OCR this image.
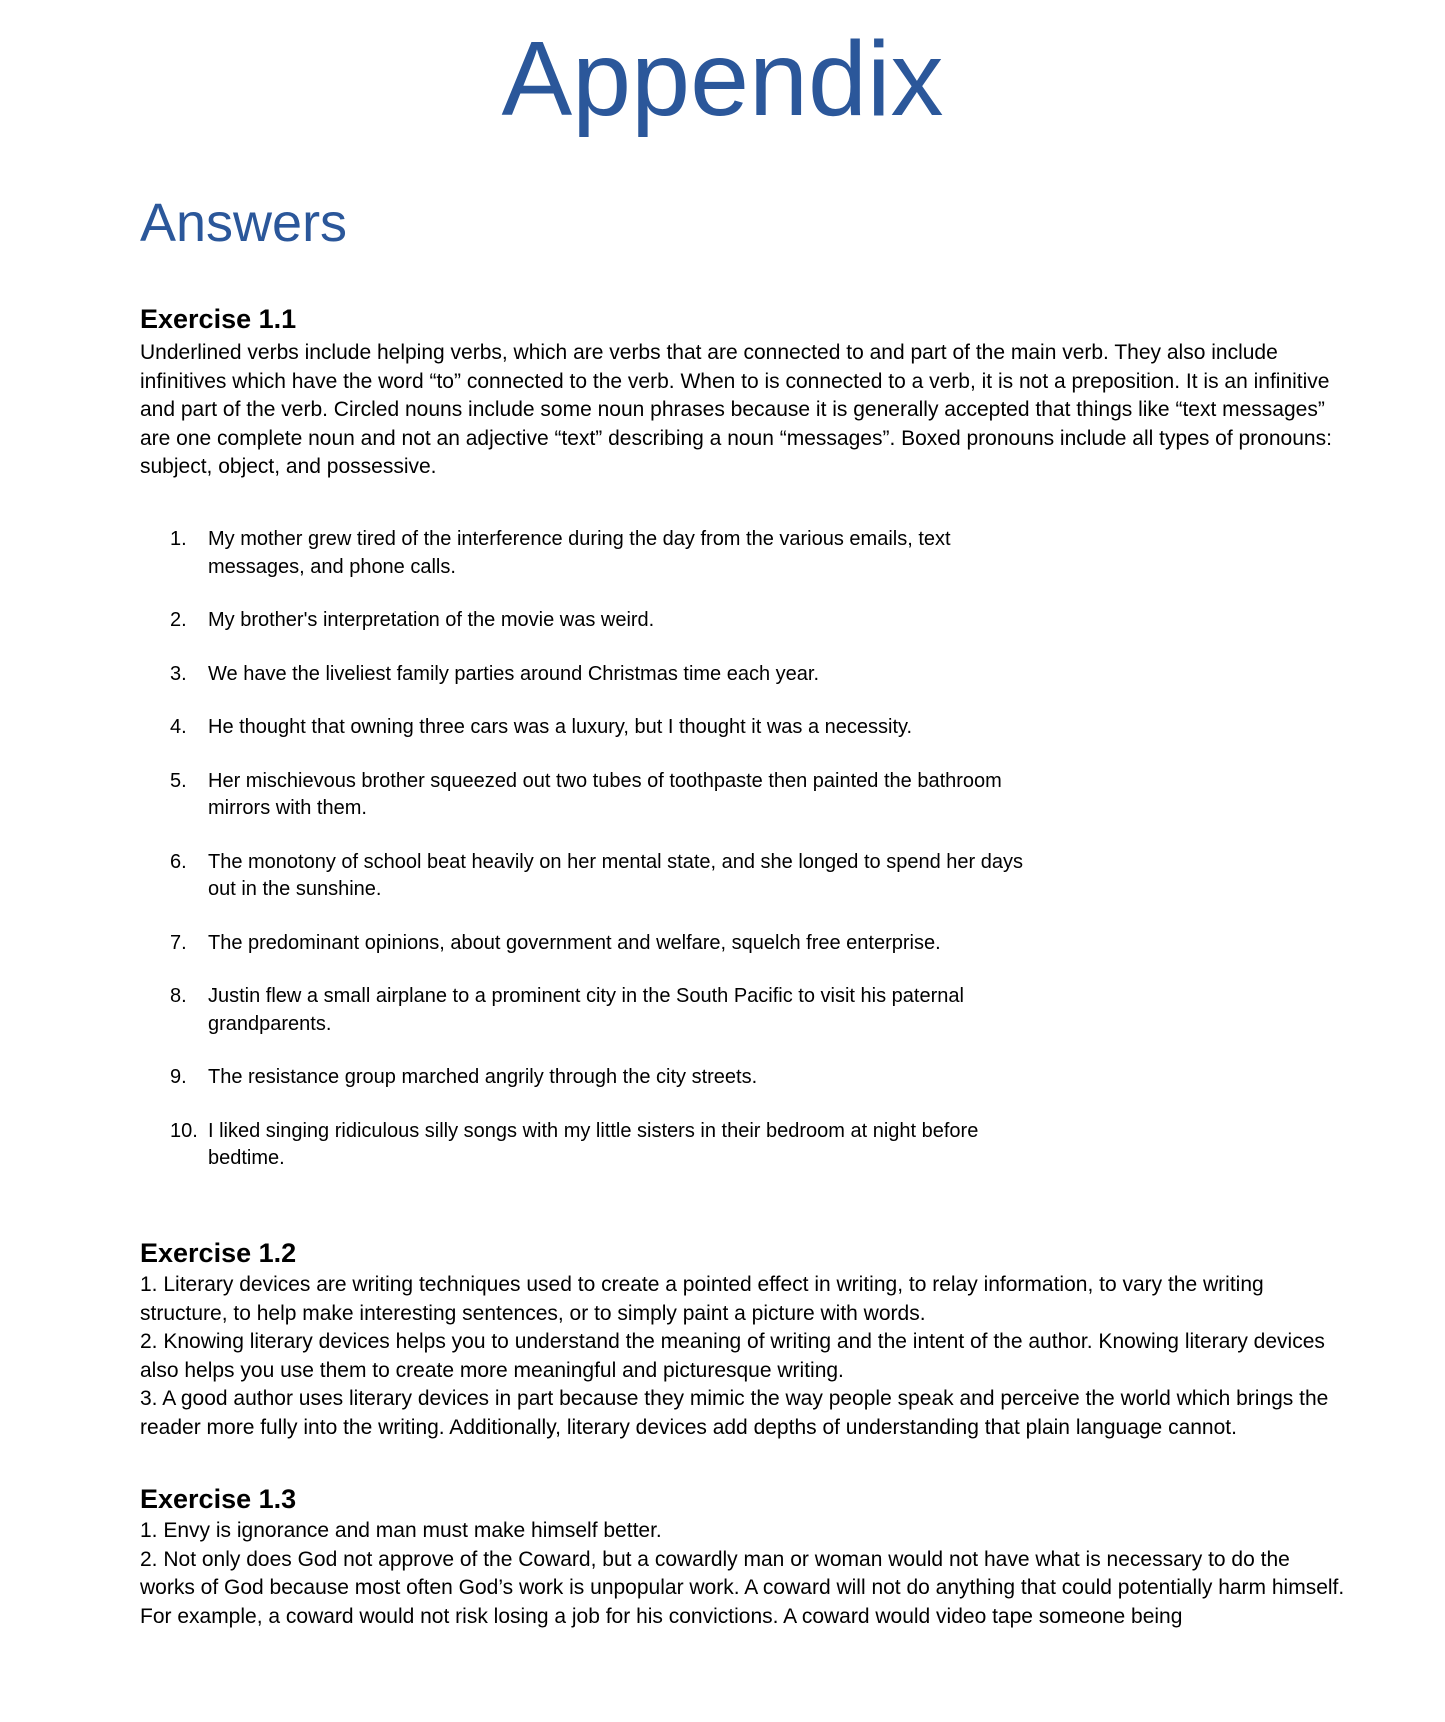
Appendix
Answers
Exercise 1.1
Underlined verbs include helping verbs, which are verbs that are connected to and part of the main verb. They also include infinitives which have the word “to” connected to the verb. When to is connected to a verb, it is not a preposition. It is an infinitive and part of the verb. Circled nouns include some noun phrases because it is generally accepted that things like “text messages” are one complete noun and not an adjective “text” describing a noun “messages”. Boxed pronouns include all types of pronouns: subject, object, and possessive.
1.	My mother grew tired of the interference during the day from the various emails, text messages, and phone calls.
2.	My brother's interpretation of the movie was weird.
3.	We have the liveliest family parties around Christmas time each year.
4.	He thought that owning three cars was a luxury, but I thought it was a necessity.
5.	Her mischievous brother squeezed out two tubes of toothpaste then painted the bathroom mirrors with them.
6.	The monotony of school beat heavily on her mental state, and she longed to spend her days out in the sunshine.
7.	The predominant opinions, about government and welfare, squelch free enterprise.
8.	Justin flew a small airplane to a prominent city in the South Pacific to visit his paternal grandparents.
9.	The resistance group marched angrily through the city streets.
10. I liked singing ridiculous silly songs with my little sisters in their bedroom at night before bedtime.
Exercise 1.2
1. Literary devices are writing techniques used to create a pointed effect in writing, to relay information, to vary the writing structure, to help make interesting sentences, or to simply paint a picture with words.
2. Knowing literary devices helps you to understand the meaning of writing and the intent of the author. Knowing literary devices also helps you use them to create more meaningful and picturesque writing.
3. A good author uses literary devices in part because they mimic the way people speak and perceive the world which brings the reader more fully into the writing. Additionally, literary devices add depths of understanding that plain language cannot.
Exercise 1.3
1. Envy is ignorance and man must make himself better.
2. Not only does God not approve of the Coward, but a cowardly man or woman would not have what is necessary to do the works of God because most often God’s work is unpopular work. A coward will not do anything that could potentially harm himself. For example, a coward would not risk losing a job for his convictions. A coward would video tape someone being
